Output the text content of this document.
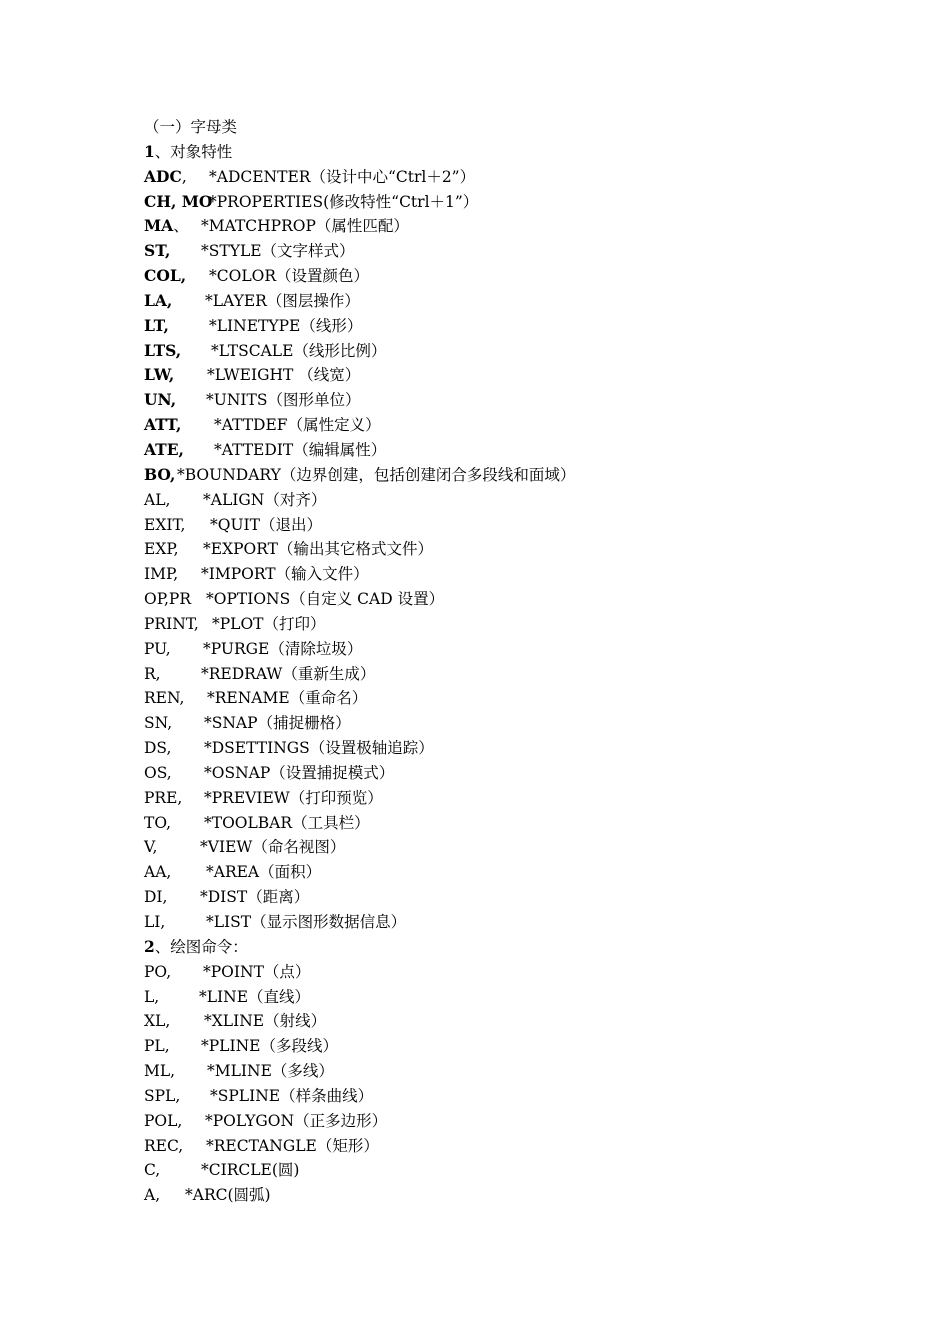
（一）字母类
1、对象特性
ADC, *ADCENTER（设计中心“Ctrl＋2”）
CH, MO*PROPERTIES(修改特性“Ctrl＋1”）
MA、 *MATCHPROP（属性匹配）
ST, *STYLE（文字样式）
COL, *COLOR（设置颜色）
LA, *LAYER（图层操作）
LT,	*LINETYPE（线形）
LTS, *LTSCALE（线形比例）
LW, *LWEIGHT （线宽）
UN, *UNITS（图形单位）
ATT, *ATTDEF（属性定义）
ATE, *ATTEDIT（编辑属性）
BO, *BOUNDARY（边界创建，包括创建闭合多段线和面域）
AL, *ALIGN（对齐）
EXIT, *QUIT（退出）
EXP, *EXPORT（输出其它格式文件）
IMP, *IMPORT（输入文件）
OP,PR *OPTIONS（自定义 CAD 设置）
PRINT, *PLOT（打印）
PU, *PURGE（清除垃圾）
R,	*REDRAW（重新生成）
REN, *RENAME（重命名）
SN, *SNAP（捕捉栅格）
DS, *DSETTINGS（设置极轴追踪）
OS, *OSNAP（设置捕捉模式）
PRE, *PREVIEW（打印预览）
TO, *TOOLBAR（工具栏）
V,	*VIEW（命名视图）
AA, *AREA（面积）
DI, *DIST（距离）
LI,	*LIST（显示图形数据信息）
2、绘图命令：
PO, *POINT（点）
L,	*LINE（直线）
XL, *XLINE（射线）
PL, *PLINE（多段线）
ML, *MLINE（多线）
SPL, *SPLINE（样条曲线）
POL, *POLYGON（正多边形）
REC, *RECTANGLE（矩形）
C,	*CIRCLE(圆)
A, *ARC(圆弧)
